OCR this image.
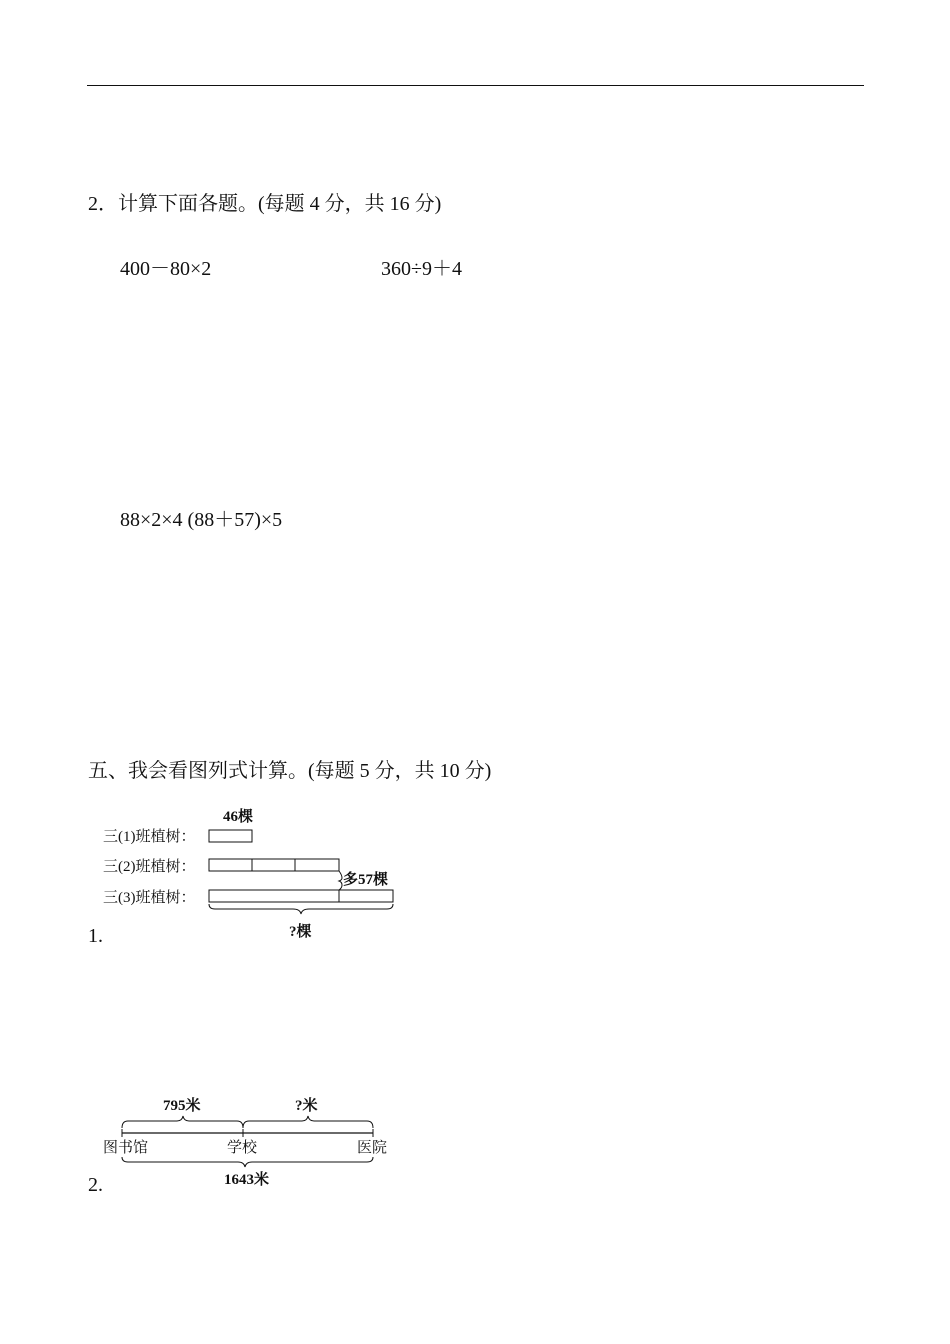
2．计算下面各题。(每题 4 分，共 16 分)
400－80×2	360÷9＋4
88×2×4 (88＋57)×5
五、我会看图列式计算。(每题 5 分，共 10 分)
46棵
三(1)班植树：
三(2)班植树：
三(3)班植树：
多57棵
?棵
1.
795米	?米
图书馆	学校	医院
1643米
2.
